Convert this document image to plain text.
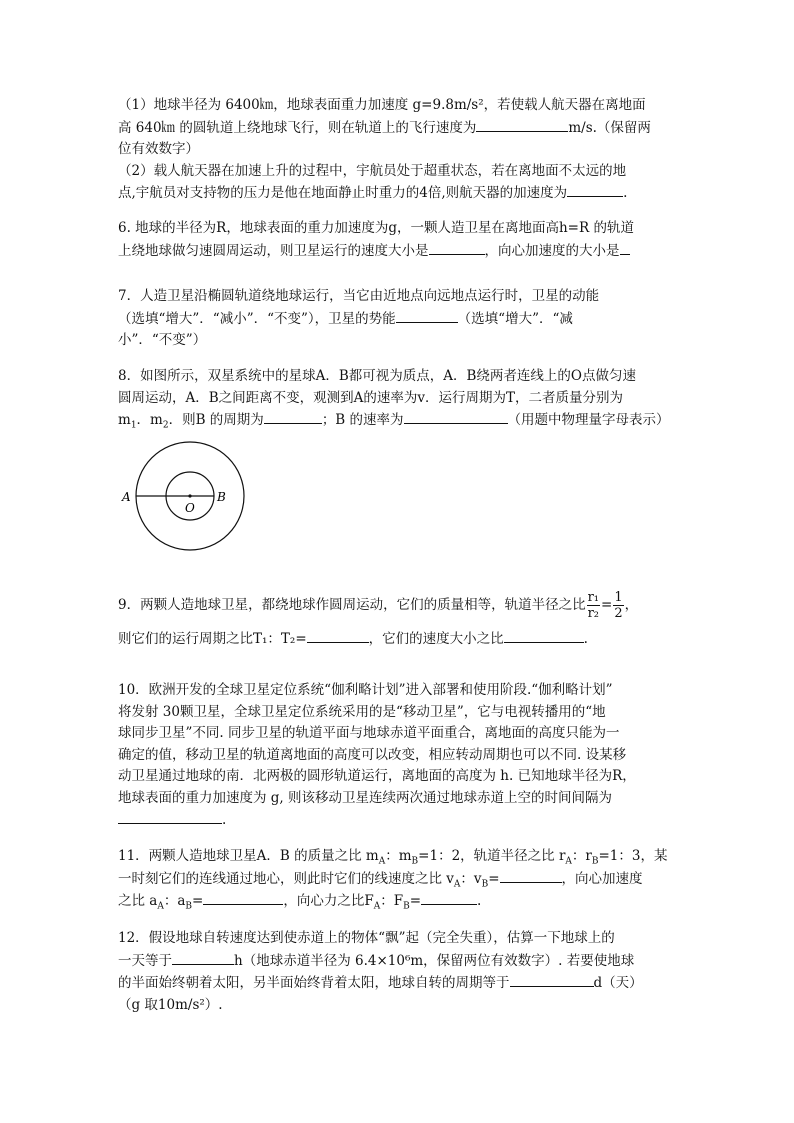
（1）地球半径为 6400㎞，地球表面重力加速度 g=9.8m/s²，若使载人航天器在离地面

高 640㎞ 的圆轨道上绕地球飞行，则在轨道上的飞行速度为	m/s.（保留两

位有效数字）

（2）载人航天器在加速上升的过程中，宇航员处于超重状态，若在离地面不太远的地

点,宇航员对支持物的压力是他在地面静止时重力的4倍,则航天器的加速度为	.

6. 地球的半径为R，地球表面的重力加速度为g，一颗人造卫星在离地面高h=R 的轨道

上绕地球做匀速圆周运动，则卫星运行的速度大小是	，向心加速度的大小是

7．人造卫星沿椭圆轨道绕地球运行，当它由近地点向远地点运行时，卫星的动能

（选填“增大”．“减小”．“不变”），卫星的势能	（选填“增大”．“减

小”．“不变”）

8．如图所示，双星系统中的星球A．B都可视为质点，A．B绕两者连线上的O点做匀速

圆周运动，A．B之间距离不变，观测到A的速率为v．运行周期为T，二者质量分别为

$m_1$．$m_2$．则B 的周期为	；B 的速率为	（用题中物理量字母表示）

A	B
O

9．两颗人造地球卫星，都绕地球作圆周运动，它们的质量相等，轨道半径之比 $\frac{\text{r₁}}{\text{r₂}} = \frac{1}{2}$ ，

则它们的运行周期之比T₁：T₂=	，它们的速度大小之比	.

10．欧洲开发的全球卫星定位系统“伽利略计划”进入部署和使用阶段.“伽利略计划”

将发射 30颗卫星，全球卫星定位系统采用的是“移动卫星”，它与电视转播用的“地

球同步卫星”不同. 同步卫星的轨道平面与地球赤道平面重合，离地面的高度只能为一

确定的值，移动卫星的轨道离地面的高度可以改变，相应转动周期也可以不同. 设某移

动卫星通过地球的南．北两极的圆形轨道运行，离地面的高度为 h. 已知地球半径为R，

地球表面的重力加速度为 g, 则该移动卫星连续两次通过地球赤道上空的时间间隔为

.

11．两颗人造地球卫星A．B 的质量之比 $m_A$：$m_B=1$：2，轨道半径之比 $r_A$：$r_B=1$：3，某

一时刻它们的连线通过地心，则此时它们的线速度之比 $v_A$：$v_B=$	，向心加速度

之比 $a_A$：$a_B=$	，向心力之比$F_A$：$F_B=$	.

12．假设地球自转速度达到使赤道上的物体“飘”起（完全失重），估算一下地球上的

一天等于	h（地球赤道半径为 6.4×10⁶m，保留两位有效数字）. 若要使地球

的半面始终朝着太阳，另半面始终背着太阳，地球自转的周期等于	d（天）

（g 取10m/s²）.
